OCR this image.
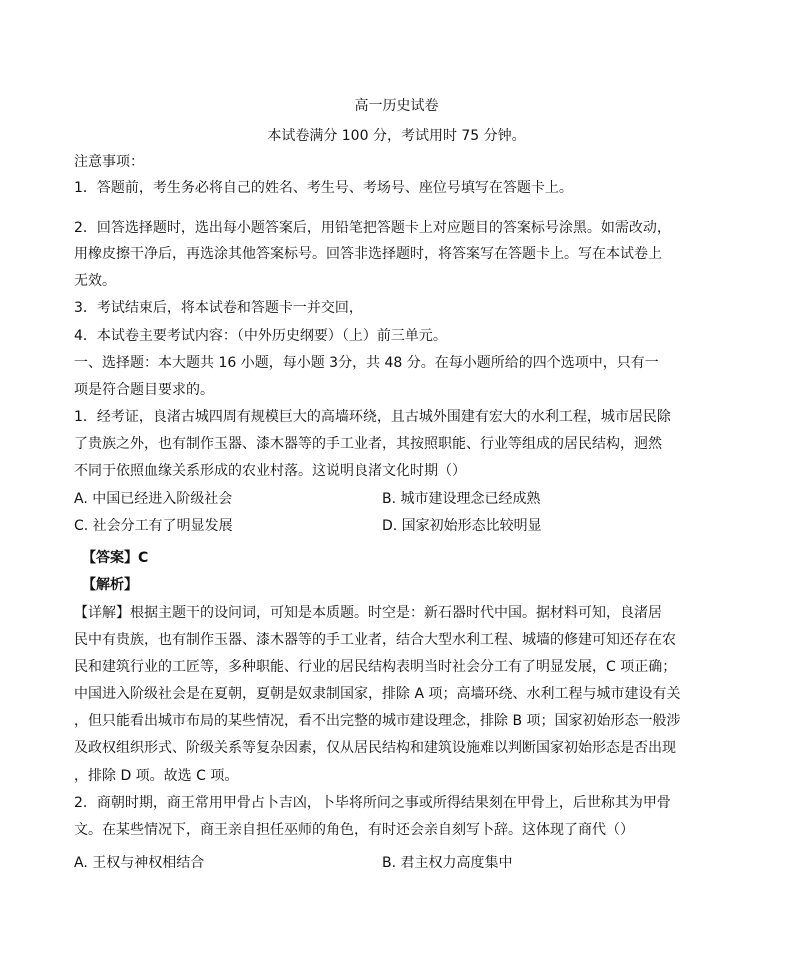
高一历史试卷
本试卷满分 100 分，考试用时 75 分钟。
注意事项：
1．答题前，考生务必将自己的姓名、考生号、考场号、座位号填写在答题卡上。
2．回答选择题时，选出每小题答案后，用铅笔把答题卡上对应题目的答案标号涂黑。如需改动，
用橡皮擦干净后，再选涂其他答案标号。回答非选择题时，将答案写在答题卡上。写在本试卷上
无效。
3．考试结束后，将本试卷和答题卡一并交回，
4．本试卷主要考试内容：（中外历史纲要）（上）前三单元。
一、选择题：本大题共 16 小题，每小题 3分，共 48 分。在每小题所给的四个选项中，只有一
项是符合题目要求的。
1．经考证，良渚古城四周有规模巨大的高墙环绕，且古城外围建有宏大的水利工程，城市居民除
了贵族之外，也有制作玉器、漆木器等的手工业者，其按照职能、行业等组成的居民结构，迥然
不同于依照血缘关系形成的农业村落。这说明良渚文化时期（）
A. 中国已经进入阶级社会	B. 城市建设理念已经成熟
C. 社会分工有了明显发展	D. 国家初始形态比较明显
【答案】C
【解析】
【详解】根据主题干的设问词，可知是本质题。时空是：新石器时代中国。据材料可知，良渚居
民中有贵族，也有制作玉器、漆木器等的手工业者，结合大型水利工程、城墙的修建可知还存在农
民和建筑行业的工匠等，多种职能、行业的居民结构表明当时社会分工有了明显发展，C 项正确；
中国进入阶级社会是在夏朝，夏朝是奴隶制国家，排除 A 项；高墙环绕、水利工程与城市建设有关
，但只能看出城市布局的某些情况，看不出完整的城市建设理念，排除 B 项；国家初始形态一般涉
及政权组织形式、阶级关系等复杂因素，仅从居民结构和建筑设施难以判断国家初始形态是否出现
，排除 D 项。故选 C 项。
2．商朝时期，商王常用甲骨占卜吉凶，卜毕将所问之事或所得结果刻在甲骨上，后世称其为甲骨
文。在某些情况下，商王亲自担任巫师的角色，有时还会亲自刻写卜辞。这体现了商代（）
A. 王权与神权相结合	B. 君主权力高度集中
